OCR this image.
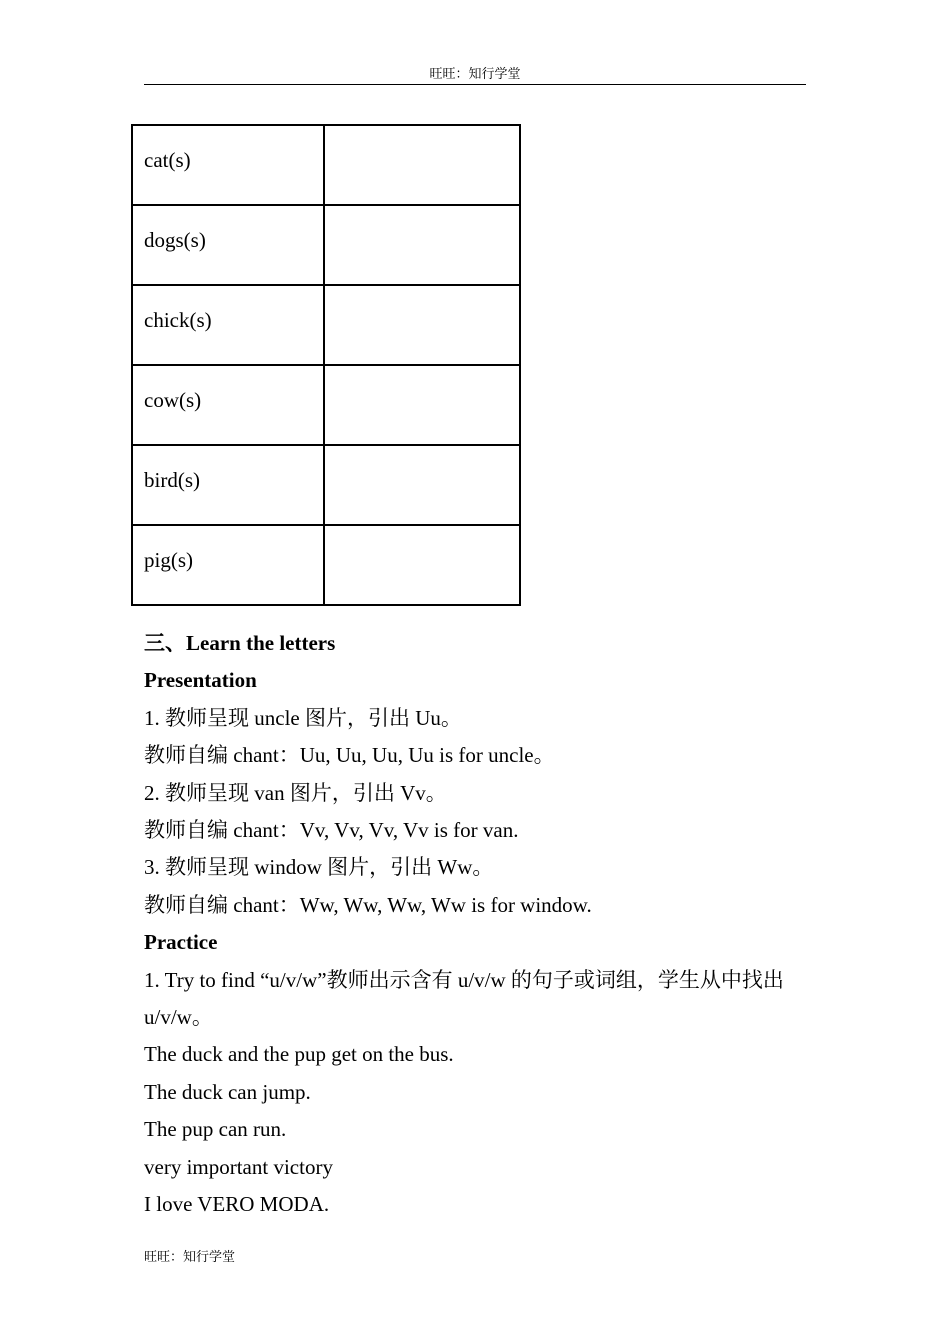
旺旺：知行学堂
cat(s)	
dogs(s)	
chick(s)	
cow(s)	
bird(s)	
pig(s)	

三、Learn the letters

Presentation

1. 教师呈现 uncle 图片，引出 Uu。

教师自编 chant：Uu, Uu, Uu, Uu is for uncle。

2. 教师呈现 van 图片，引出 Vv。

教师自编 chant：Vv, Vv, Vv, Vv is for van.

3. 教师呈现 window 图片，引出 Ww。

教师自编 chant：Ww, Ww, Ww, Ww is for window.

Practice

1. Try to find “u/v/w”教师出示含有 u/v/w 的句子或词组，学生从中找出 u/v/w。

The duck and the pup get on the bus.

The duck can jump.

The pup can run.

very important victory

I love VERO MODA.

旺旺：知行学堂
